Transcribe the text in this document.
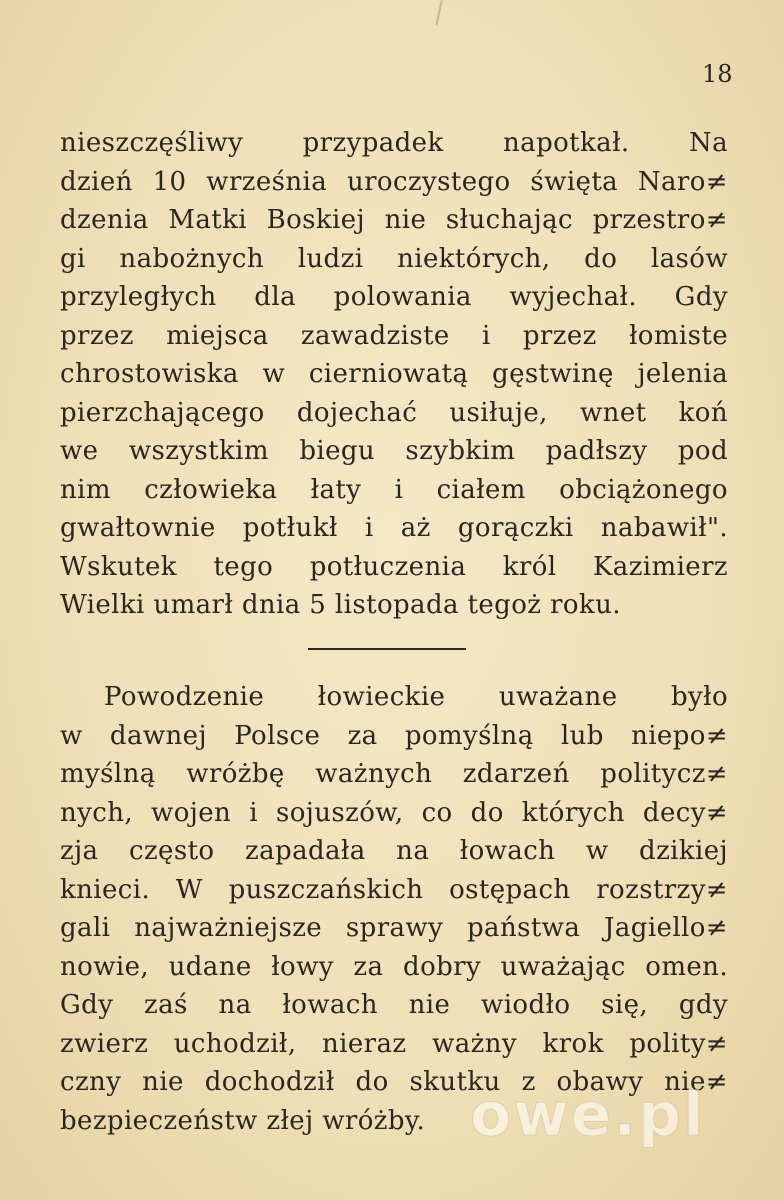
18
nieszczęśliwy przypadek napotkał. Na
dzień 10 września uroczystego święta Naro≠
dzenia Matki Boskiej nie słuchając przestro≠
gi nabożnych ludzi niektórych, do lasów
przyległych dla polowania wyjechał. Gdy
przez miejsca zawadziste i przez łomiste
chrostowiska w cierniowatą gęstwinę jelenia
pierzchającego dojechać usiłuje, wnet koń
we wszystkim biegu szybkim padłszy pod
nim człowieka łaty i ciałem obciążonego
gwałtownie potłukł i aż gorączki nabawił".
Wskutek tego potłuczenia król Kazimierz
Wielki umarł dnia 5 listopada tegoż roku.
Powodzenie łowieckie uważane było
w dawnej Polsce za pomyślną lub niepo≠
myślną wróżbę ważnych zdarzeń politycz≠
nych, wojen i sojuszów, co do których decy≠
zja często zapadała na łowach w dzikiej
knieci. W puszczańskich ostępach rozstrzy≠
gali najważniejsze sprawy państwa Jagiello≠
nowie, udane łowy za dobry uważając omen.
Gdy zaś na łowach nie wiodło się, gdy
zwierz uchodził, nieraz ważny krok polity≠
czny nie dochodził do skutku z obawy nie≠
bezpieczeństw złej wróżby. owe.pl
